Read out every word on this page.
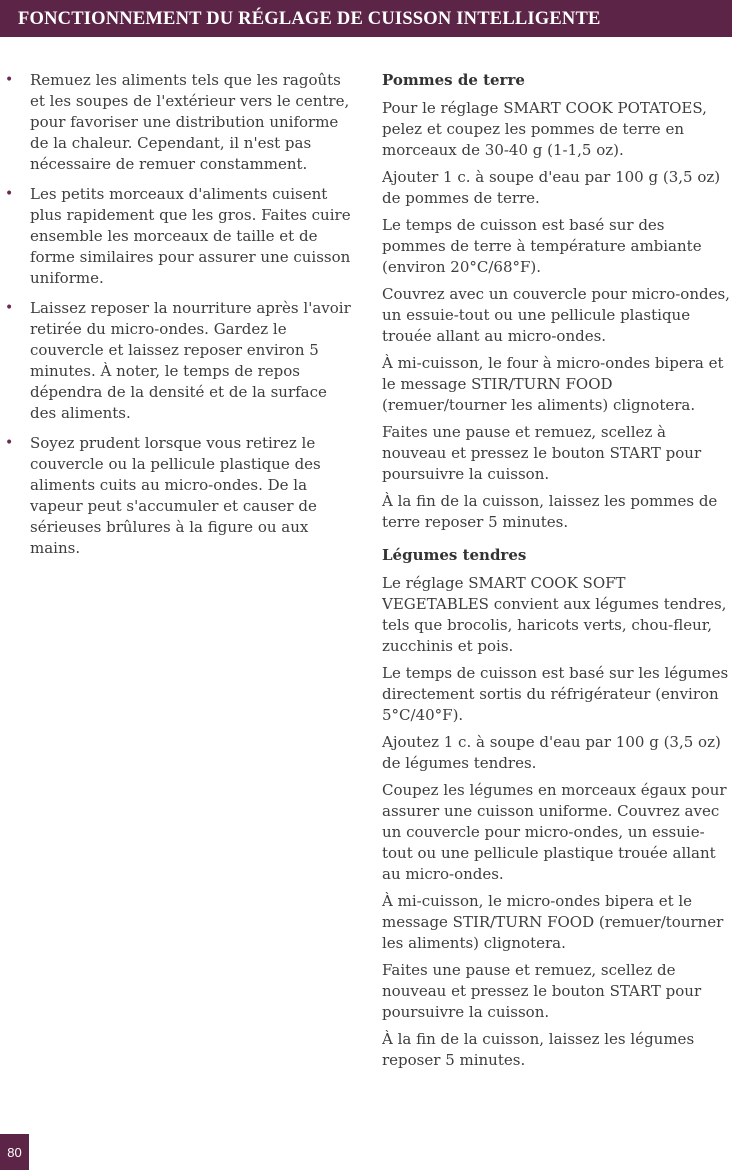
FONCTIONNEMENT DU RÉGLAGE DE CUISSON INTELLIGENTE
• Remuez les aliments tels que les ragoûts et les soupes de l'extérieur vers le centre, pour favoriser une distribution uniforme de la chaleur. Cependant, il n'est pas nécessaire de remuer constamment.
• Les petits morceaux d'aliments cuisent plus rapidement que les gros. Faites cuire ensemble les morceaux de taille et de forme similaires pour assurer une cuisson uniforme.
• Laissez reposer la nourriture après l'avoir retirée du micro-ondes. Gardez le couvercle et laissez reposer environ 5 minutes. À noter, le temps de repos dépendra de la densité et de la surface des aliments.
• Soyez prudent lorsque vous retirez le couvercle ou la pellicule plastique des aliments cuits au micro-ondes. De la vapeur peut s'accumuler et causer de sérieuses brûlures à la figure ou aux mains.
Pommes de terre

Pour le réglage SMART COOK POTATOES, pelez et coupez les pommes de terre en morceaux de 30-40 g (1-1,5 oz).

Ajouter 1 c. à soupe d'eau par 100 g (3,5 oz) de pommes de terre.

Le temps de cuisson est basé sur des pommes de terre à température ambiante (environ 20°C/68°F).

Couvrez avec un couvercle pour micro-ondes, un essuie-tout ou une pellicule plastique trouée allant au micro-ondes.

À mi-cuisson, le four à micro-ondes bipera et le message STIR/TURN FOOD (remuer/tourner les aliments) clignotera.

Faites une pause et remuez, scellez à nouveau et pressez le bouton START pour poursuivre la cuisson.

À la fin de la cuisson, laissez les pommes de terre reposer 5 minutes.

Légumes tendres

Le réglage SMART COOK SOFT VEGETABLES convient aux légumes tendres, tels que brocolis, haricots verts, chou-fleur, zucchinis et pois.

Le temps de cuisson est basé sur les légumes directement sortis du réfrigérateur (environ 5°C/40°F).

Ajoutez 1 c. à soupe d'eau par 100 g (3,5 oz) de légumes tendres.

Coupez les légumes en morceaux égaux pour assurer une cuisson uniforme. Couvrez avec un couvercle pour micro-ondes, un essuie-tout ou une pellicule plastique trouée allant au micro-ondes.

À mi-cuisson, le micro-ondes bipera et le message STIR/TURN FOOD (remuer/tourner les aliments) clignotera.

Faites une pause et remuez, scellez de nouveau et pressez le bouton START pour poursuivre la cuisson.

À la fin de la cuisson, laissez les légumes reposer 5 minutes.

80
